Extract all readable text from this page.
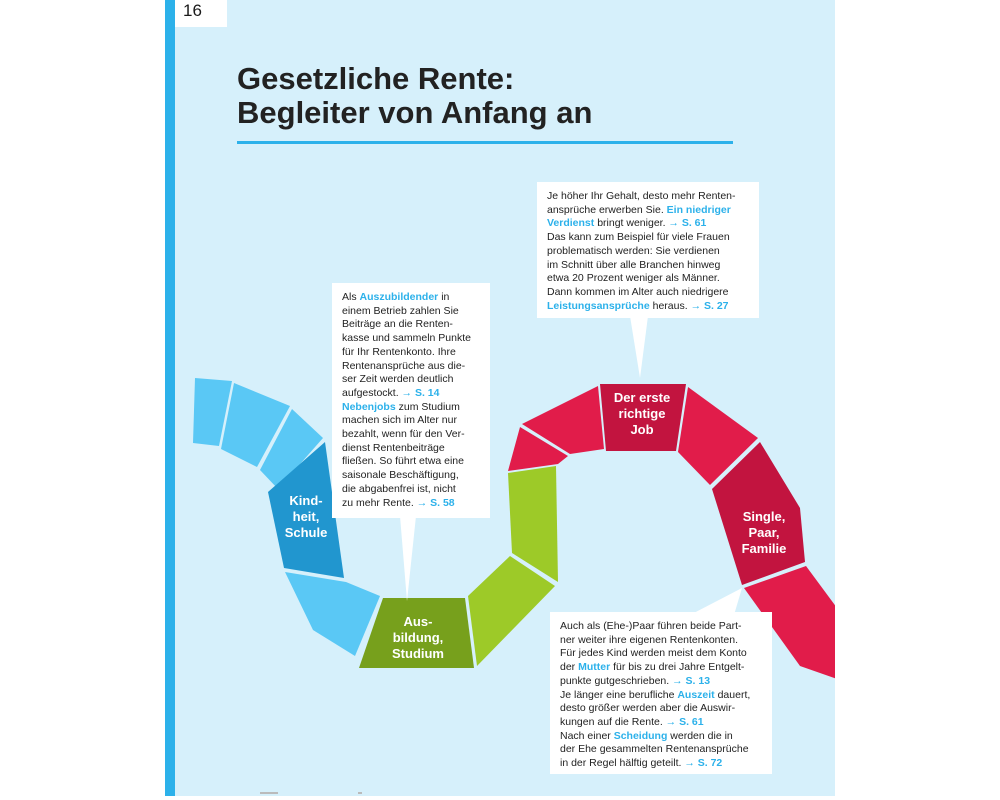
16
Gesetzliche Rente:
Begleiter von Anfang an
Kind-
heit,
Schule
Aus-
bildung,
Studium
Der erste
richtige
Job
Single,
Paar,
Familie
Je höher Ihr Gehalt, desto mehr Renten-
ansprüche erwerben Sie. Ein niedriger
Verdienst bringt weniger. → S. 61
Das kann zum Beispiel für viele Frauen
problematisch werden: Sie verdienen
im Schnitt über alle Branchen hinweg
etwa 20 Prozent weniger als Männer.
Dann kommen im Alter auch niedrigere
Leistungsansprüche heraus. → S. 27
Als Auszubildender in
einem Betrieb zahlen Sie
Beiträge an die Renten-
kasse und sammeln Punkte
für Ihr Rentenkonto. Ihre
Rentenansprüche aus die-
ser Zeit werden deutlich
aufgestockt. → S. 14
Nebenjobs zum Studium
machen sich im Alter nur
bezahlt, wenn für den Ver-
dienst Rentenbeiträge
fließen. So führt etwa eine
saisonale Beschäftigung,
die abgabenfrei ist, nicht
zu mehr Rente. → S. 58
Auch als (Ehe-)Paar führen beide Part-
ner weiter ihre eigenen Rentenkonten.
Für jedes Kind werden meist dem Konto
der Mutter für bis zu drei Jahre Entgelt-
punkte gutgeschrieben. → S. 13
Je länger eine berufliche Auszeit dauert,
desto größer werden aber die Auswir-
kungen auf die Rente. → S. 61
Nach einer Scheidung werden die in
der Ehe gesammelten Rentenansprüche
in der Regel hälftig geteilt. → S. 72
